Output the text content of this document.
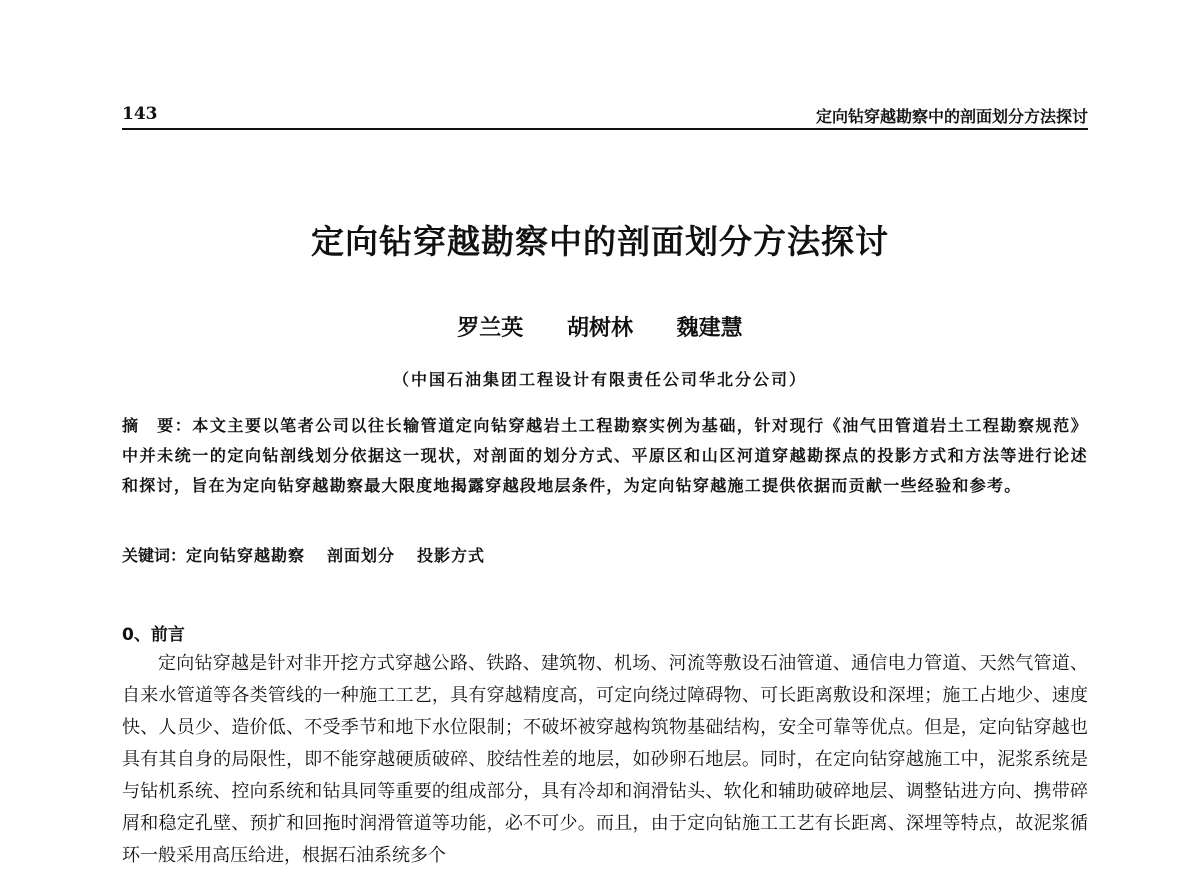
143	定向钻穿越勘察中的剖面划分方法探讨
定向钻穿越勘察中的剖面划分方法探讨
罗兰英 胡树林 魏建慧
（中国石油集团工程设计有限责任公司华北分公司）
摘　要：本文主要以笔者公司以往长输管道定向钻穿越岩土工程勘察实例为基础，针对现行《油气田管道岩土工程勘察规范》中并未统一的定向钻剖线划分依据这一现状，对剖面的划分方式、平原区和山区河道穿越勘探点的投影方式和方法等进行论述和探讨，旨在为定向钻穿越勘察最大限度地揭露穿越段地层条件，为定向钻穿越施工提供依据而贡献一些经验和参考。
关键词：定向钻穿越勘察 剖面划分 投影方式
0、前言
定向钻穿越是针对非开挖方式穿越公路、铁路、建筑物、机场、河流等敷设石油管道、通信电力管道、天然气管道、自来水管道等各类管线的一种施工工艺，具有穿越精度高，可定向绕过障碍物、可长距离敷设和深埋；施工占地少、速度快、人员少、造价低、不受季节和地下水位限制；不破坏被穿越构筑物基础结构，安全可靠等优点。但是，定向钻穿越也具有其自身的局限性，即不能穿越硬质破碎、胶结性差的地层，如砂卵石地层。同时，在定向钻穿越施工中，泥浆系统是与钻机系统、控向系统和钻具同等重要的组成部分，具有冷却和润滑钻头、软化和辅助破碎地层、调整钻进方向、携带碎屑和稳定孔壁、预扩和回拖时润滑管道等功能，必不可少。而且，由于定向钻施工工艺有长距离、深埋等特点，故泥浆循环一般采用高压给进，根据石油系统多个
